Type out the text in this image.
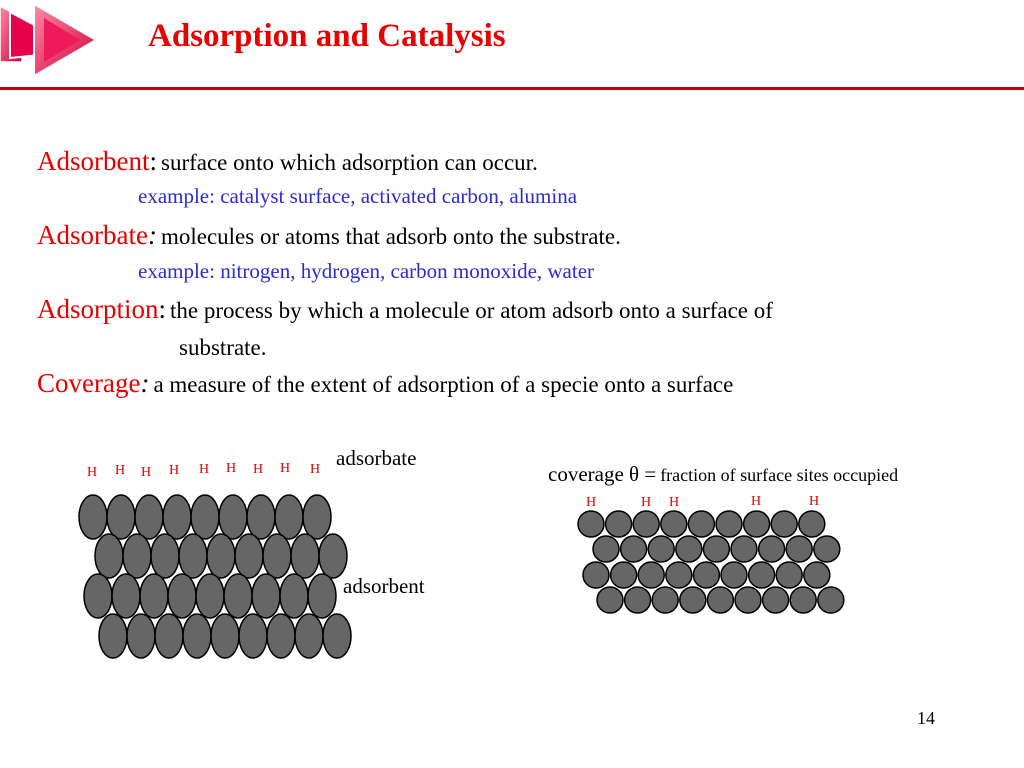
Adsorption and Catalysis
Adsorbent: surface onto which adsorption can occur.
example: catalyst surface, activated carbon, alumina
Adsorbate: molecules or atoms that adsorb onto the substrate.
example: nitrogen, hydrogen, carbon monoxide, water
Adsorption: the process by which a molecule or atom adsorb onto a surface of
substrate.
Coverage: a measure of the extent of adsorption of a specie onto a surface
H H H H H H H H H
H	H H	H	H
adsorbate
adsorbent
coverage θ = fraction of surface sites occupied
14
